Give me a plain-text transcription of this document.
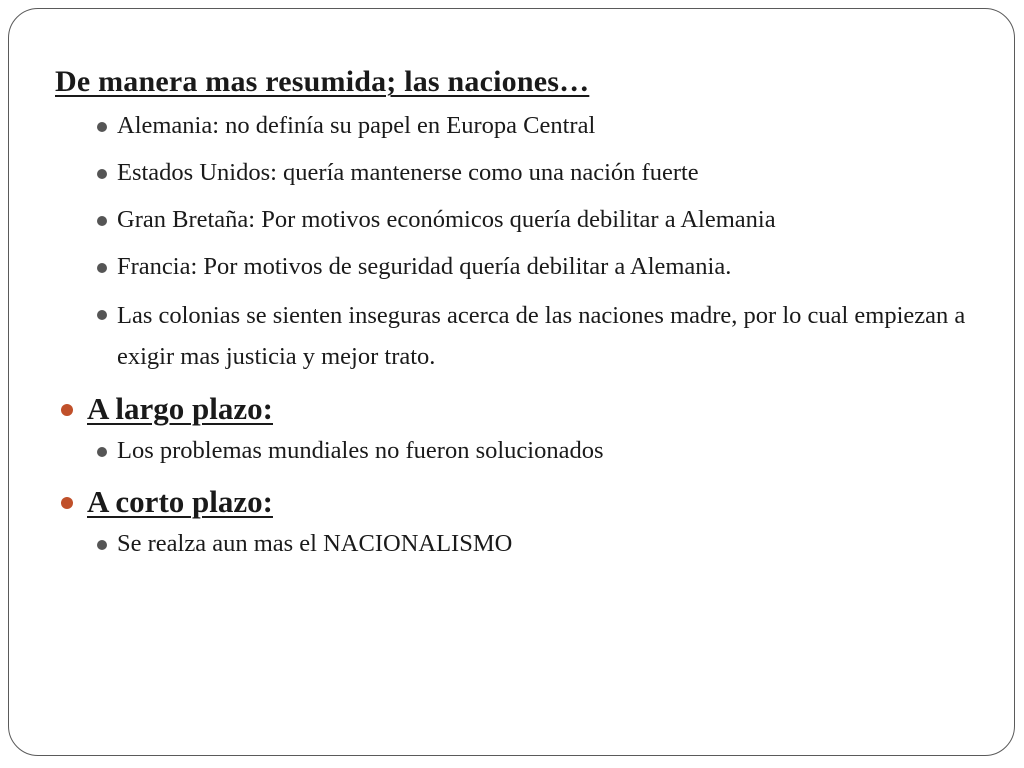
De manera mas resumida; las naciones…
Alemania: no definía su papel en Europa Central
Estados Unidos: quería mantenerse como una nación fuerte
Gran Bretaña: Por motivos económicos quería debilitar a Alemania
Francia: Por motivos de seguridad quería debilitar a Alemania.
Las colonias se sienten inseguras acerca de las naciones madre, por lo cual empiezan a exigir mas justicia y mejor trato.
A largo plazo:
Los problemas mundiales no fueron solucionados
A corto plazo:
Se realza aun mas el NACIONALISMO
